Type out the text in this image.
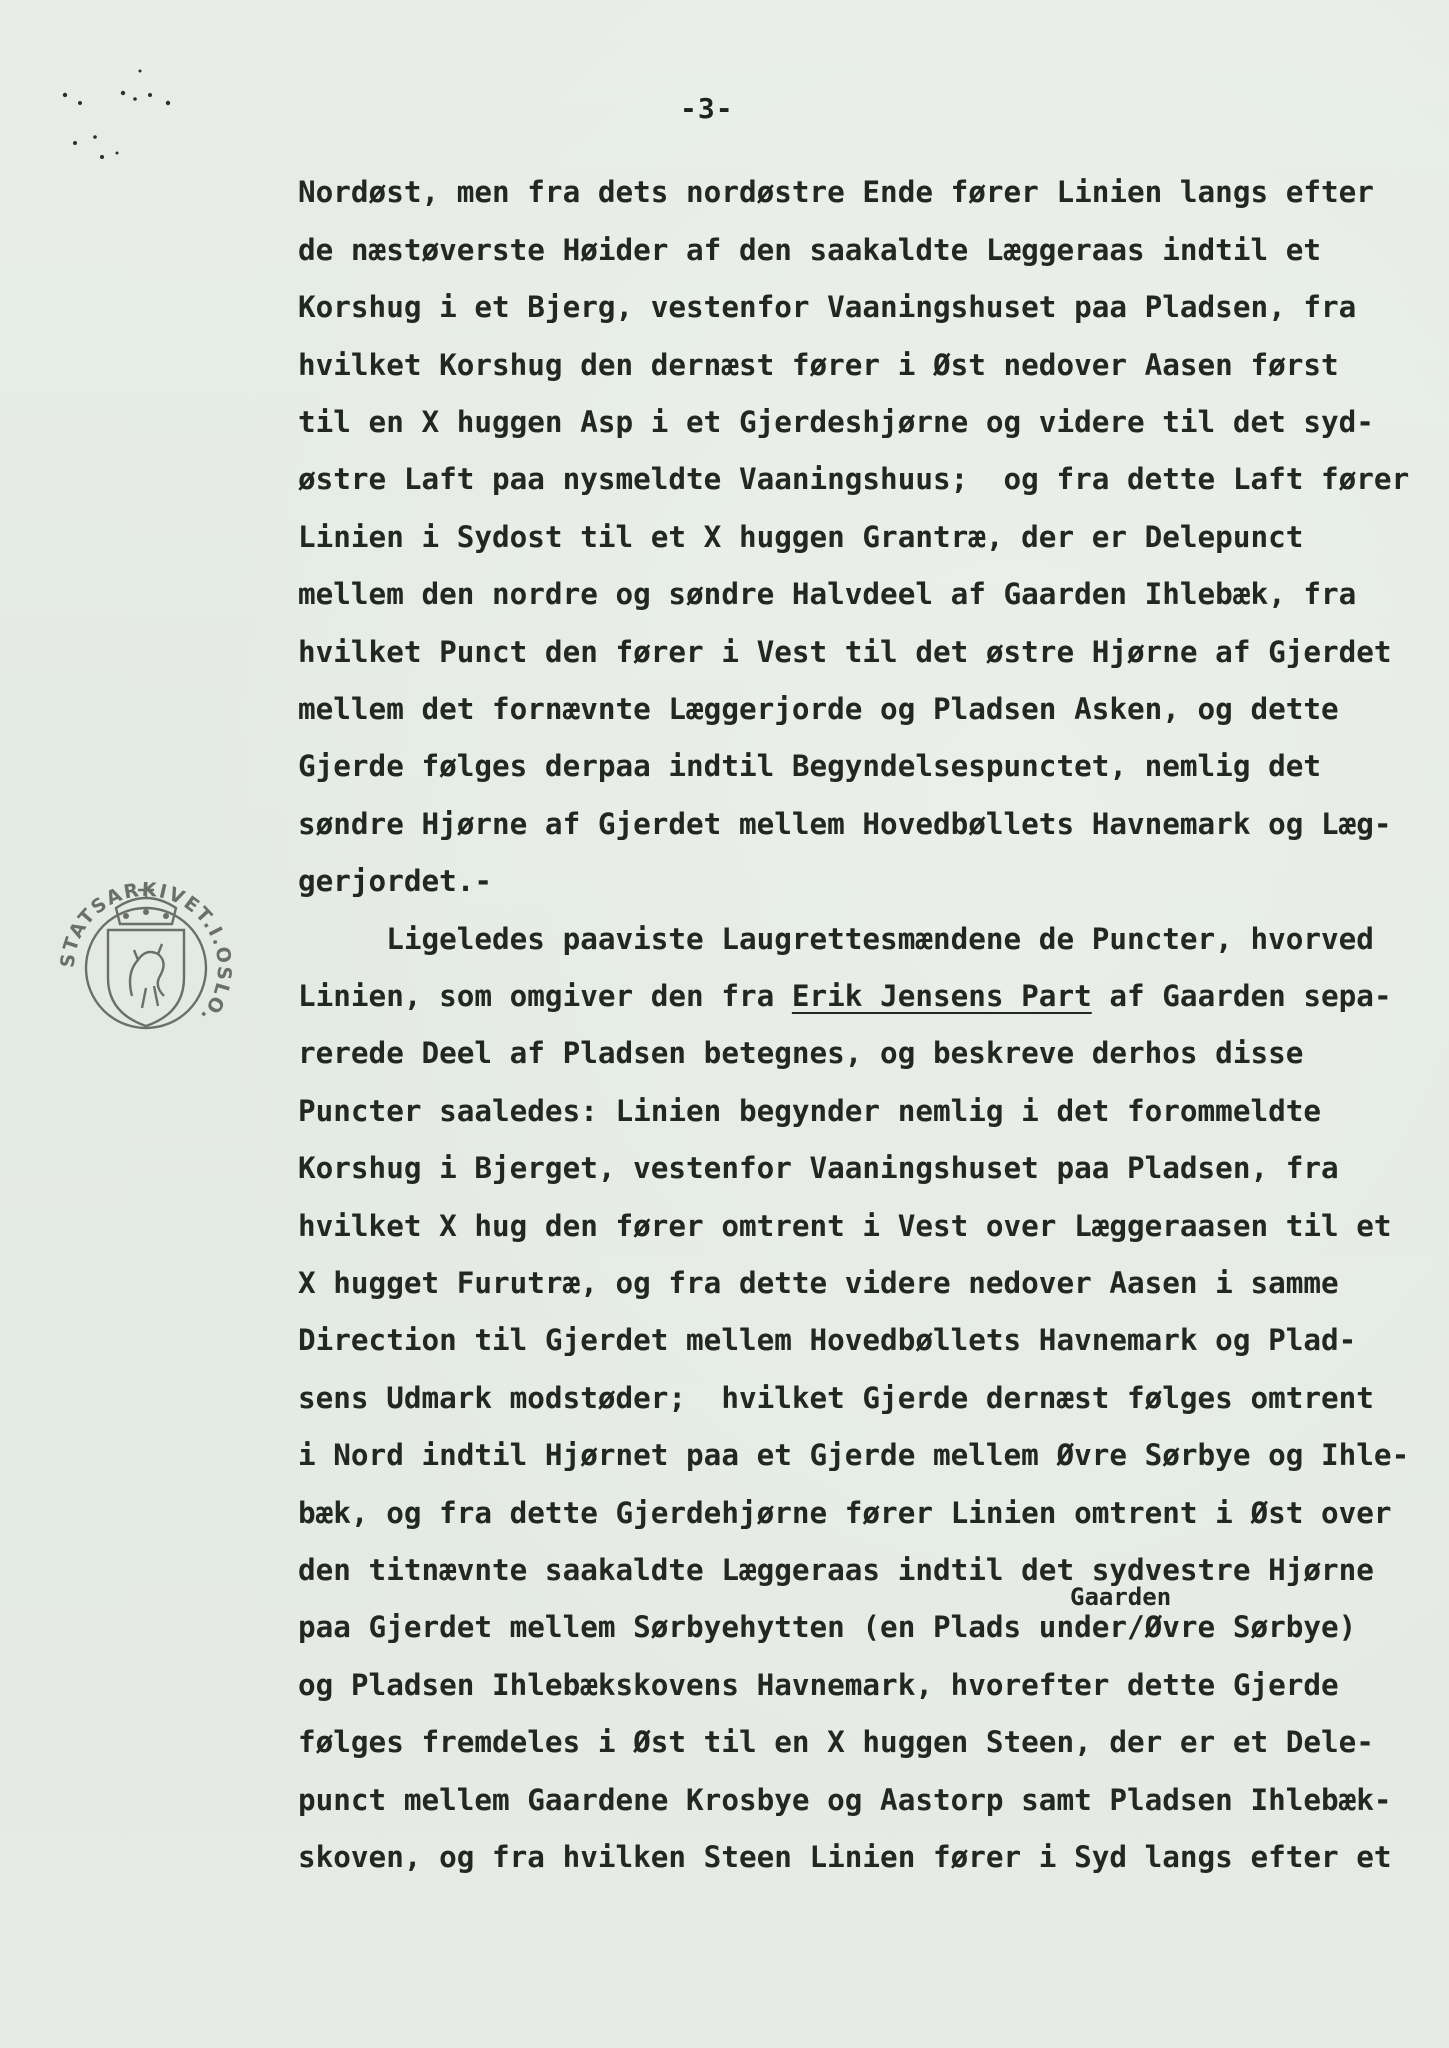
-3-
STATSARKIVET.I.OSLO.
Nordøst, men fra dets nordøstre Ende fører Linien langs efter
de næstøverste Høider af den saakaldte Læggeraas indtil et
Korshug i et Bjerg, vestenfor Vaaningshuset paa Pladsen, fra
hvilket Korshug den dernæst fører i Øst nedover Aasen først
til en X huggen Asp i et Gjerdeshjørne og videre til det syd-
østre Laft paa nysmeldte Vaaningshuus;  og fra dette Laft fører
Linien i Sydost til et X huggen Grantræ, der er Delepunct
mellem den nordre og søndre Halvdeel af Gaarden Ihlebæk, fra
hvilket Punct den fører i Vest til det østre Hjørne af Gjerdet
mellem det fornævnte Læggerjorde og Pladsen Asken, og dette
Gjerde følges derpaa indtil Begyndelsespunctet, nemlig det
søndre Hjørne af Gjerdet mellem Hovedbøllets Havnemark og Læg-
gerjordet.-
Ligeledes paaviste Laugrettesmændene de Puncter, hvorved
Linien, som omgiver den fra Erik Jensens Part af Gaarden sepa-
rerede Deel af Pladsen betegnes, og beskreve derhos disse
Puncter saaledes: Linien begynder nemlig i det forommeldte
Korshug i Bjerget, vestenfor Vaaningshuset paa Pladsen, fra
hvilket X hug den fører omtrent i Vest over Læggeraasen til et
X hugget Furutræ, og fra dette videre nedover Aasen i samme
Direction til Gjerdet mellem Hovedbøllets Havnemark og Plad-
sens Udmark modstøder;  hvilket Gjerde dernæst følges omtrent
i Nord indtil Hjørnet paa et Gjerde mellem Øvre Sørbye og Ihle-
bæk, og fra dette Gjerdehjørne fører Linien omtrent i Øst over
den titnævnte saakaldte Læggeraas indtil det sydvestre Hjørne
paa Gjerdet mellem Sørbyehytten (en Plads under/Øvre Sørbye)
og Pladsen Ihlebækskovens Havnemark, hvorefter dette Gjerde
følges fremdeles i Øst til en X huggen Steen, der er et Dele-
punct mellem Gaardene Krosbye og Aastorp samt Pladsen Ihlebæk-
skoven, og fra hvilken Steen Linien fører i Syd langs efter et
Gaarden
